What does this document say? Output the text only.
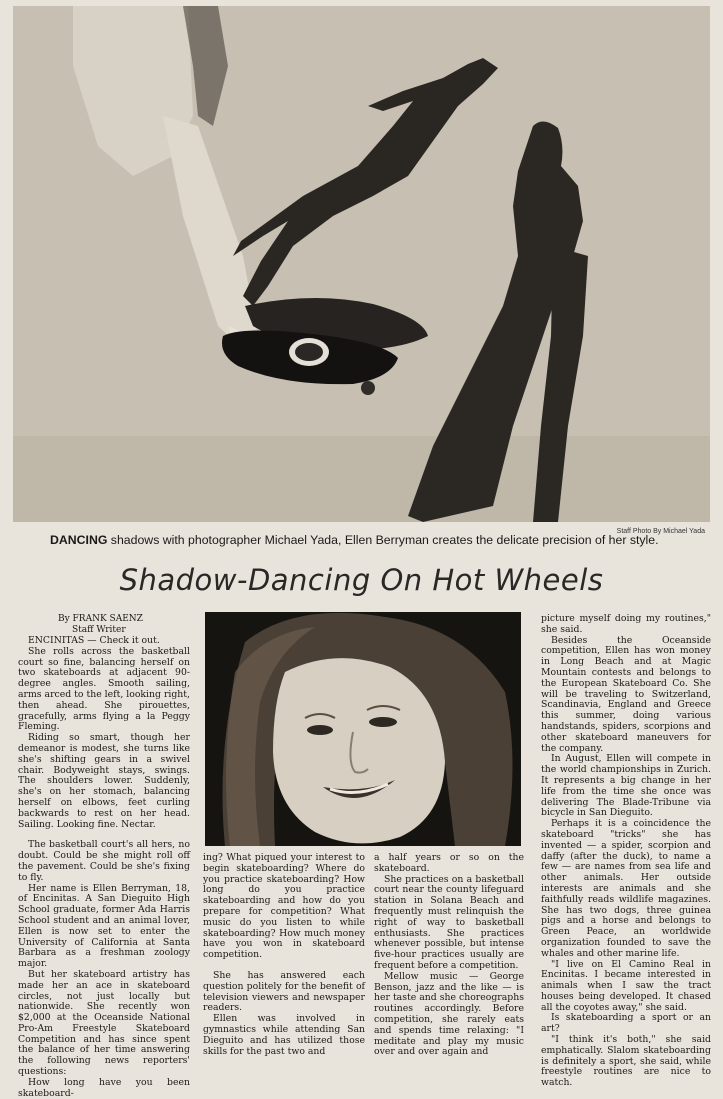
Staff Photo By Michael Yada
DANCING shadows with photographer Michael Yada, Ellen Berryman creates the delicate precision of her style.
Shadow-Dancing On Hot Wheels
By FRANK SAENZ
Staff Writer

ENCINITAS — Check it out.

She rolls across the basketball court so fine, balancing herself on two skateboards at adjacent 90-degree angles. Smooth sailing, arms arced to the left, looking right, then ahead. She pirouettes, gracefully, arms flying a la Peggy Fleming.

Riding so smart, though her demeanor is modest, she turns like she's shifting gears in a swivel chair. Bodyweight stays, swings. The shoulders lower. Suddenly, she's on her stomach, balancing herself on elbows, feet curling backwards to rest on her head. Sailing. Looking fine. Nectar.

The basketball court's all hers, no doubt. Could be she might roll off the pavement. Could be she's fixing to fly.

Her name is Ellen Berryman, 18, of Encinitas. A San Dieguito High School graduate, former Ada Harris School student and an animal lover, Ellen is now set to enter the University of California at Santa Barbara as a freshman zoology major.

But her skateboard artistry has made her an ace in skateboard circles, not just locally but nationwide. She recently won $2,000 at the Oceanside National Pro-Am Freestyle Skateboard Competition and has since spent the balance of her time answering the following news reporters' questions:

How long have you been skateboard-

ing? What piqued your interest to begin skateboarding? Where do you practice skateboarding? How long do you practice skateboarding and how do you prepare for competition? What music do you listen to while skateboarding? How much money have you won in skateboard competition.

She has answered each question politely for the benefit of television viewers and newspaper readers.

Ellen was involved in gymnastics while attending San Dieguito and has utilized those skills for the past two and

a half years or so on the skateboard.

She practices on a basketball court near the county lifeguard station in Solana Beach and frequently must relinquish the right of way to basketball enthusiasts. She practices whenever possible, but intense five-hour practices usually are frequent before a competition.

Mellow music — George Benson, jazz and the like — is her taste and she choreographs routines accordingly. Before competition, she rarely eats and spends time relaxing: "I meditate and play my music over and over again and

picture myself doing my routines," she said.

Besides the Oceanside competition, Ellen has won money in Long Beach and at Magic Mountain contests and belongs to the European Skateboard Co. She will be traveling to Switzerland, Scandinavia, England and Greece this summer, doing various handstands, spiders, scorpions and other skateboard maneuvers for the company.

In August, Ellen will compete in the world championships in Zurich. It represents a big change in her life from the time she once was delivering The Blade-Tribune via bicycle in San Dieguito.

Perhaps it is a coincidence the skateboard "tricks" she has invented — a spider, scorpion and daffy (after the duck), to name a few — are names from sea life and other animals. Her outside interests are animals and she faithfully reads wildlife magazines. She has two dogs, three guinea pigs and a horse and belongs to Green Peace, an worldwide organization founded to save the whales and other marine life.

"I live on El Camino Real in Encinitas. I became interested in animals when I saw the tract houses being developed. It chased all the coyotes away," she said.

Is skateboarding a sport or an art?

"I think it's both," she said emphatically. Slalom skateboarding is definitely a sport, she said, while freestyle routines are nice to watch.
